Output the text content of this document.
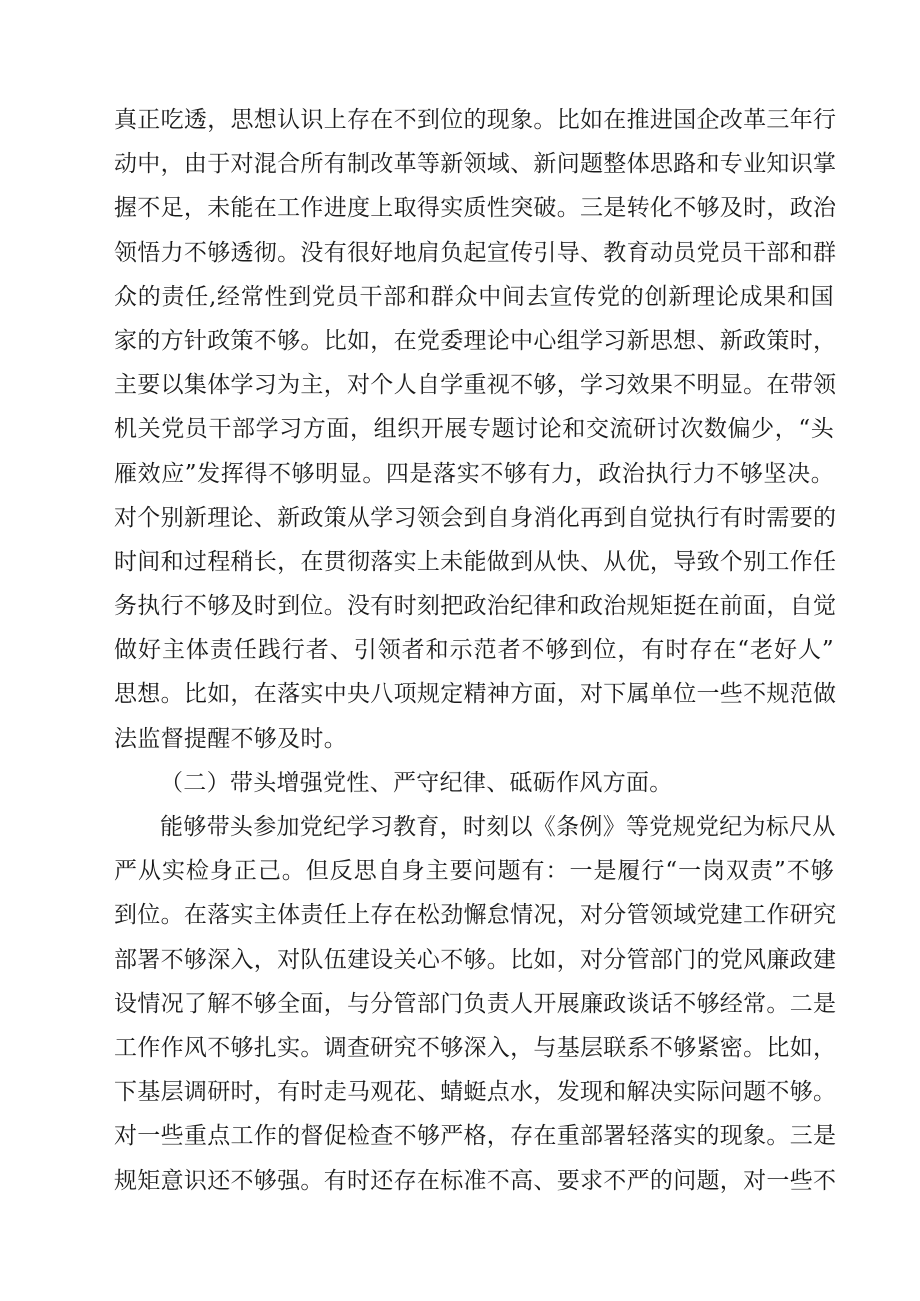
真正吃透，思想认识上存在不到位的现象。比如在推进国企改革三年行
动中，由于对混合所有制改革等新领域、新问题整体思路和专业知识掌
握不足，未能在工作进度上取得实质性突破。三是转化不够及时，政治
领悟力不够透彻。没有很好地肩负起宣传引导、教育动员党员干部和群
众的责任,经常性到党员干部和群众中间去宣传党的创新理论成果和国
家的方针政策不够。比如，在党委理论中心组学习新思想、新政策时，
主要以集体学习为主，对个人自学重视不够，学习效果不明显。在带领
机关党员干部学习方面，组织开展专题讨论和交流研讨次数偏少，“头
雁效应”发挥得不够明显。四是落实不够有力，政治执行力不够坚决。
对个别新理论、新政策从学习领会到自身消化再到自觉执行有时需要的
时间和过程稍长，在贯彻落实上未能做到从快、从优，导致个别工作任
务执行不够及时到位。没有时刻把政治纪律和政治规矩挺在前面，自觉
做好主体责任践行者、引领者和示范者不够到位，有时存在“老好人”
思想。比如，在落实中央八项规定精神方面，对下属单位一些不规范做
法监督提醒不够及时。
（二）带头增强党性、严守纪律、砥砺作风方面。
能够带头参加党纪学习教育，时刻以《条例》等党规党纪为标尺从
严从实检身正己。但反思自身主要问题有：一是履行“一岗双责”不够
到位。在落实主体责任上存在松劲懈怠情况，对分管领域党建工作研究
部署不够深入，对队伍建设关心不够。比如，对分管部门的党风廉政建
设情况了解不够全面，与分管部门负责人开展廉政谈话不够经常。二是
工作作风不够扎实。调查研究不够深入，与基层联系不够紧密。比如，
下基层调研时，有时走马观花、蜻蜓点水，发现和解决实际问题不够。
对一些重点工作的督促检查不够严格，存在重部署轻落实的现象。三是
规矩意识还不够强。有时还存在标准不高、要求不严的问题，对一些不
